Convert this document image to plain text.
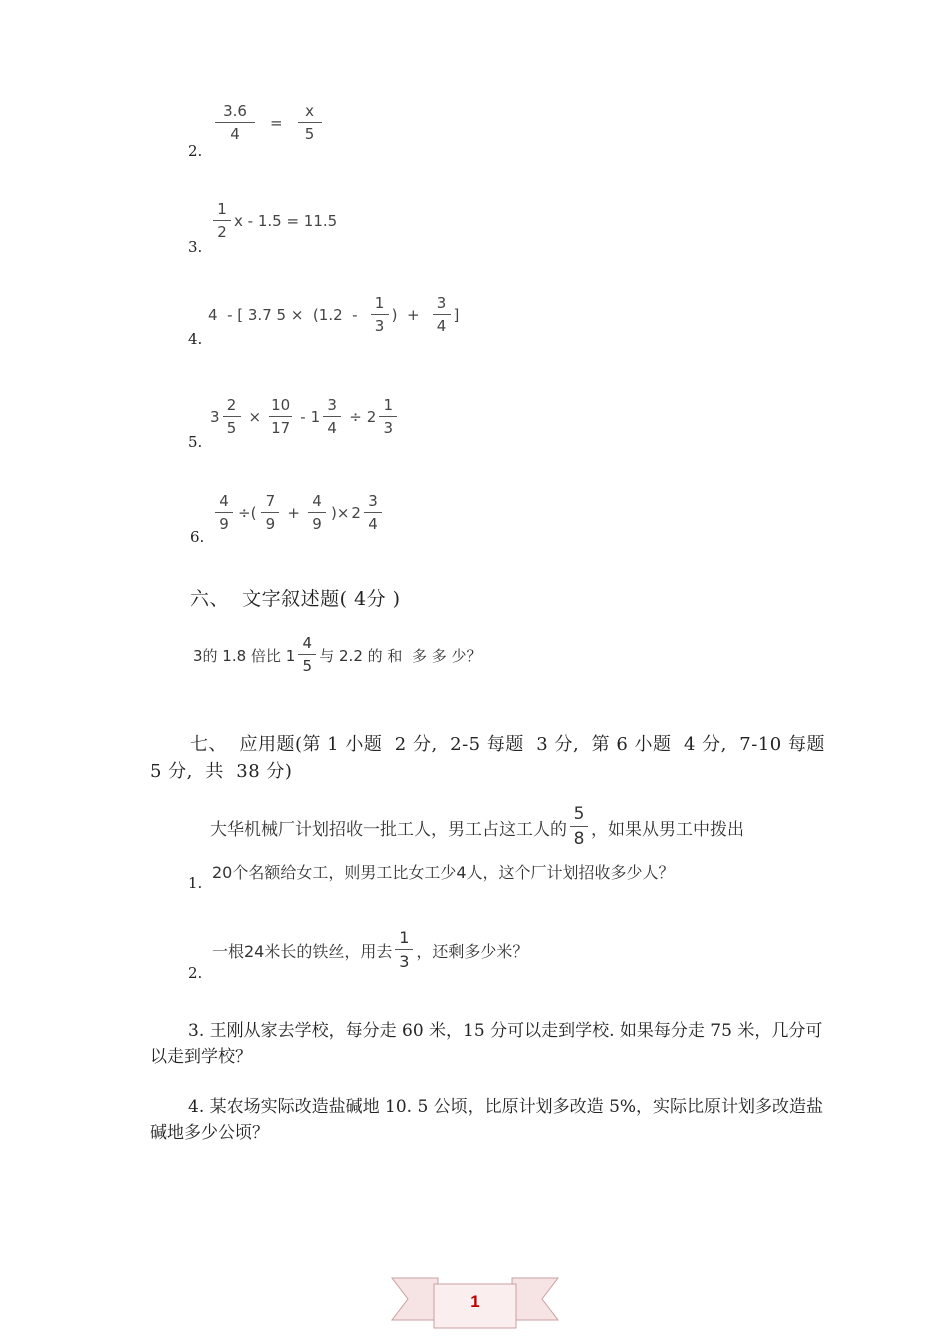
2.
$\frac{3.6}{4} = \frac{x}{5}$
3.
$\frac{1}{2}$ x - 1.5 = 11.5
4.
4  - [ 3.7 $5 \times (1.2 - \frac{1}{3}$ )  + $\frac{3}{4}$ ]
5.
$3 \frac{2}{5} \times \frac{10}{17} - 1 \frac{3}{4} \div 2 \frac{1}{3}$
6.
$\frac{4}{9}$ ÷( $\frac{7}{9} + \frac{4}{9}$ )× $2 \frac{3}{4}$
六、  文字叙述题( 4分 )
3的 1.8 倍比 $1 \frac{4}{5}$ 与 2.2 的 和  多 多 少？
七、  应用题(第 1 小题  2 分,  2-5 每题  3 分,  第 6 小题  4 分,  7-10 每题
5 分,  共  38 分)
大华机械厂计划招收一批工人，男工占这工人的 $\frac{5}{8}$ ，如果从男工中拨出
1.
20个名额给女工，则男工比女工少4人，这个厂计划招收多少人？
一根24米长的铁丝，用去 $\frac{1}{3}$ ，还剩多少米？
2.
3. 王刚从家去学校，每分走 60 米，15 分可以走到学校. 如果每分走 75 米，几分可
以走到学校？
4. 某农场实际改造盐碱地 10. 5 公顷，比原计划多改造 5%，实际比原计划多改造盐
碱地多少公顷？
1
